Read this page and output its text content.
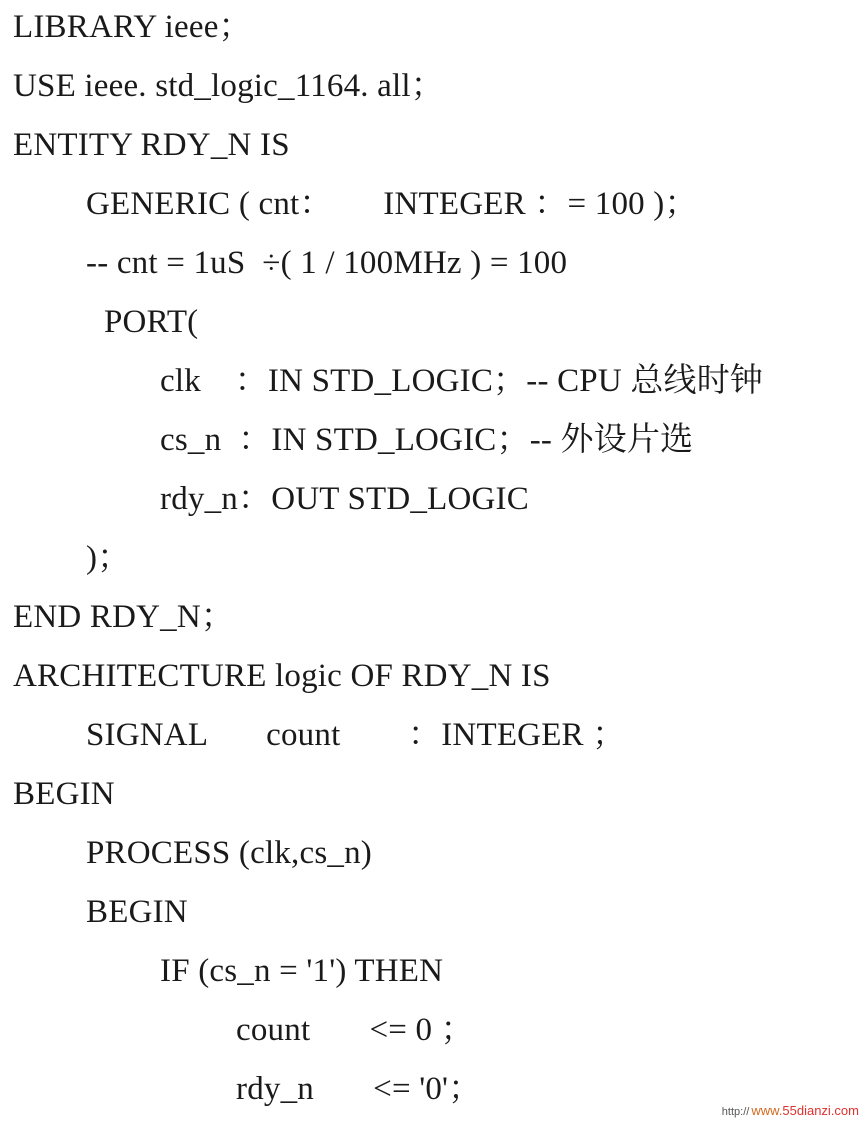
LIBRARY ieee；
USE ieee. std_logic_1164. all；
ENTITY RDY_N IS
GENERIC ( cnt：      INTEGER ：= 100 )；
-- cnt = 1uS  ÷( 1 / 100MHz ) = 100
PORT(
clk    ：IN STD_LOGIC；-- CPU 总线时钟
cs_n  ：IN STD_LOGIC；-- 外设片选
rdy_n：OUT STD_LOGIC
)；
END RDY_N；
ARCHITECTURE logic OF RDY_N IS
SIGNAL       count        ：INTEGER ；
BEGIN
PROCESS (clk,cs_n)
BEGIN
IF (cs_n = '1') THEN
count       <= 0 ；
rdy_n       <= '0'；
http:// www.55dianzi.com
